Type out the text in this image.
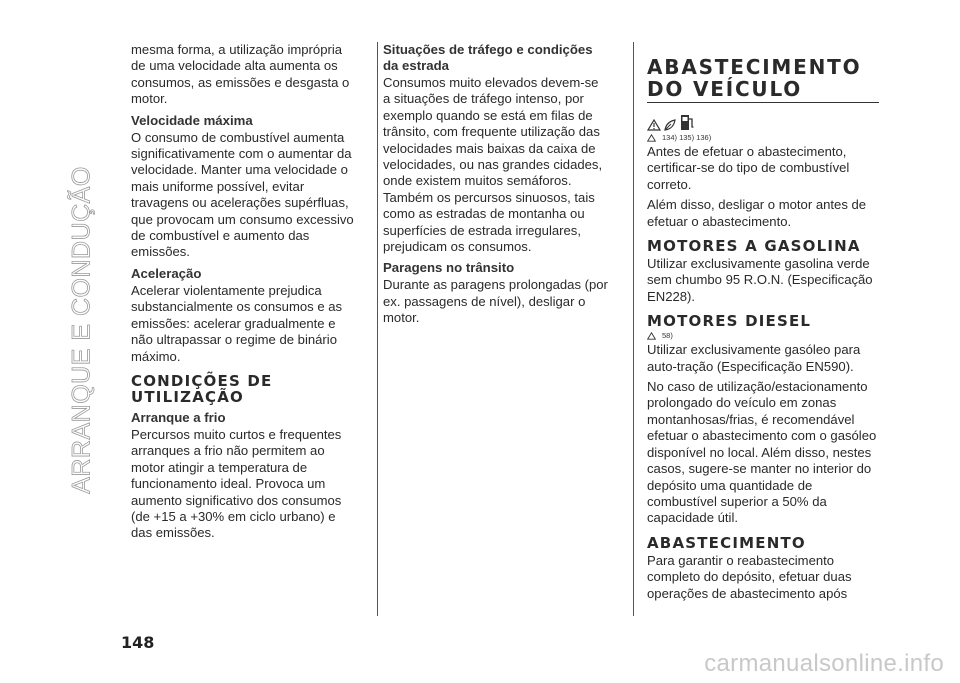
ARRANQUE E CONDUÇÃO

mesma forma, a utilização imprópria de uma velocidade alta aumenta os consumos, as emissões e desgasta o motor.

Velocidade máxima

O consumo de combustível aumenta significativamente com o aumentar da velocidade. Manter uma velocidade o mais uniforme possível, evitar travagens ou acelerações supérfluas, que provocam um consumo excessivo de combustível e aumento das emissões.

Aceleração

Acelerar violentamente prejudica substancialmente os consumos e as emissões: acelerar gradualmente e não ultrapassar o regime de binário máximo.

CONDIÇÕES DE UTILIZAÇÃO
Arranque a frio

Percursos muito curtos e frequentes arranques a frio não permitem ao motor atingir a temperatura de funcionamento ideal. Provoca um aumento significativo dos consumos (de +15 a +30% em ciclo urbano) e das emissões.

Situações de tráfego e condições da estrada

Consumos muito elevados devem-se a situações de tráfego intenso, por exemplo quando se está em filas de trânsito, com frequente utilização das velocidades mais baixas da caixa de velocidades, ou nas grandes cidades, onde existem muitos semáforos. Também os percursos sinuosos, tais como as estradas de montanha ou superfícies de estrada irregulares, prejudicam os consumos.

Paragens no trânsito

Durante as paragens prolongadas (por ex. passagens de nível), desligar o motor.

ABASTECIMENTO DO VEÍCULO
134) 135) 136)

Antes de efetuar o abastecimento, certificar-se do tipo de combustível correto.

Além disso, desligar o motor antes de efetuar o abastecimento.

MOTORES A GASOLINA

Utilizar exclusivamente gasolina verde sem chumbo 95 R.O.N. (Especificação EN228).

MOTORES DIESEL
58)

Utilizar exclusivamente gasóleo para auto-tração (Especificação EN590).

No caso de utilização/estacionamento prolongado do veículo em zonas montanhosas/frias, é recomendável efetuar o abastecimento com o gasóleo disponível no local. Além disso, nestes casos, sugere-se manter no interior do depósito uma quantidade de combustível superior a 50% da capacidade útil.

ABASTECIMENTO

Para garantir o reabastecimento completo do depósito, efetuar duas operações de abastecimento após

148
carmanualsonline.info
